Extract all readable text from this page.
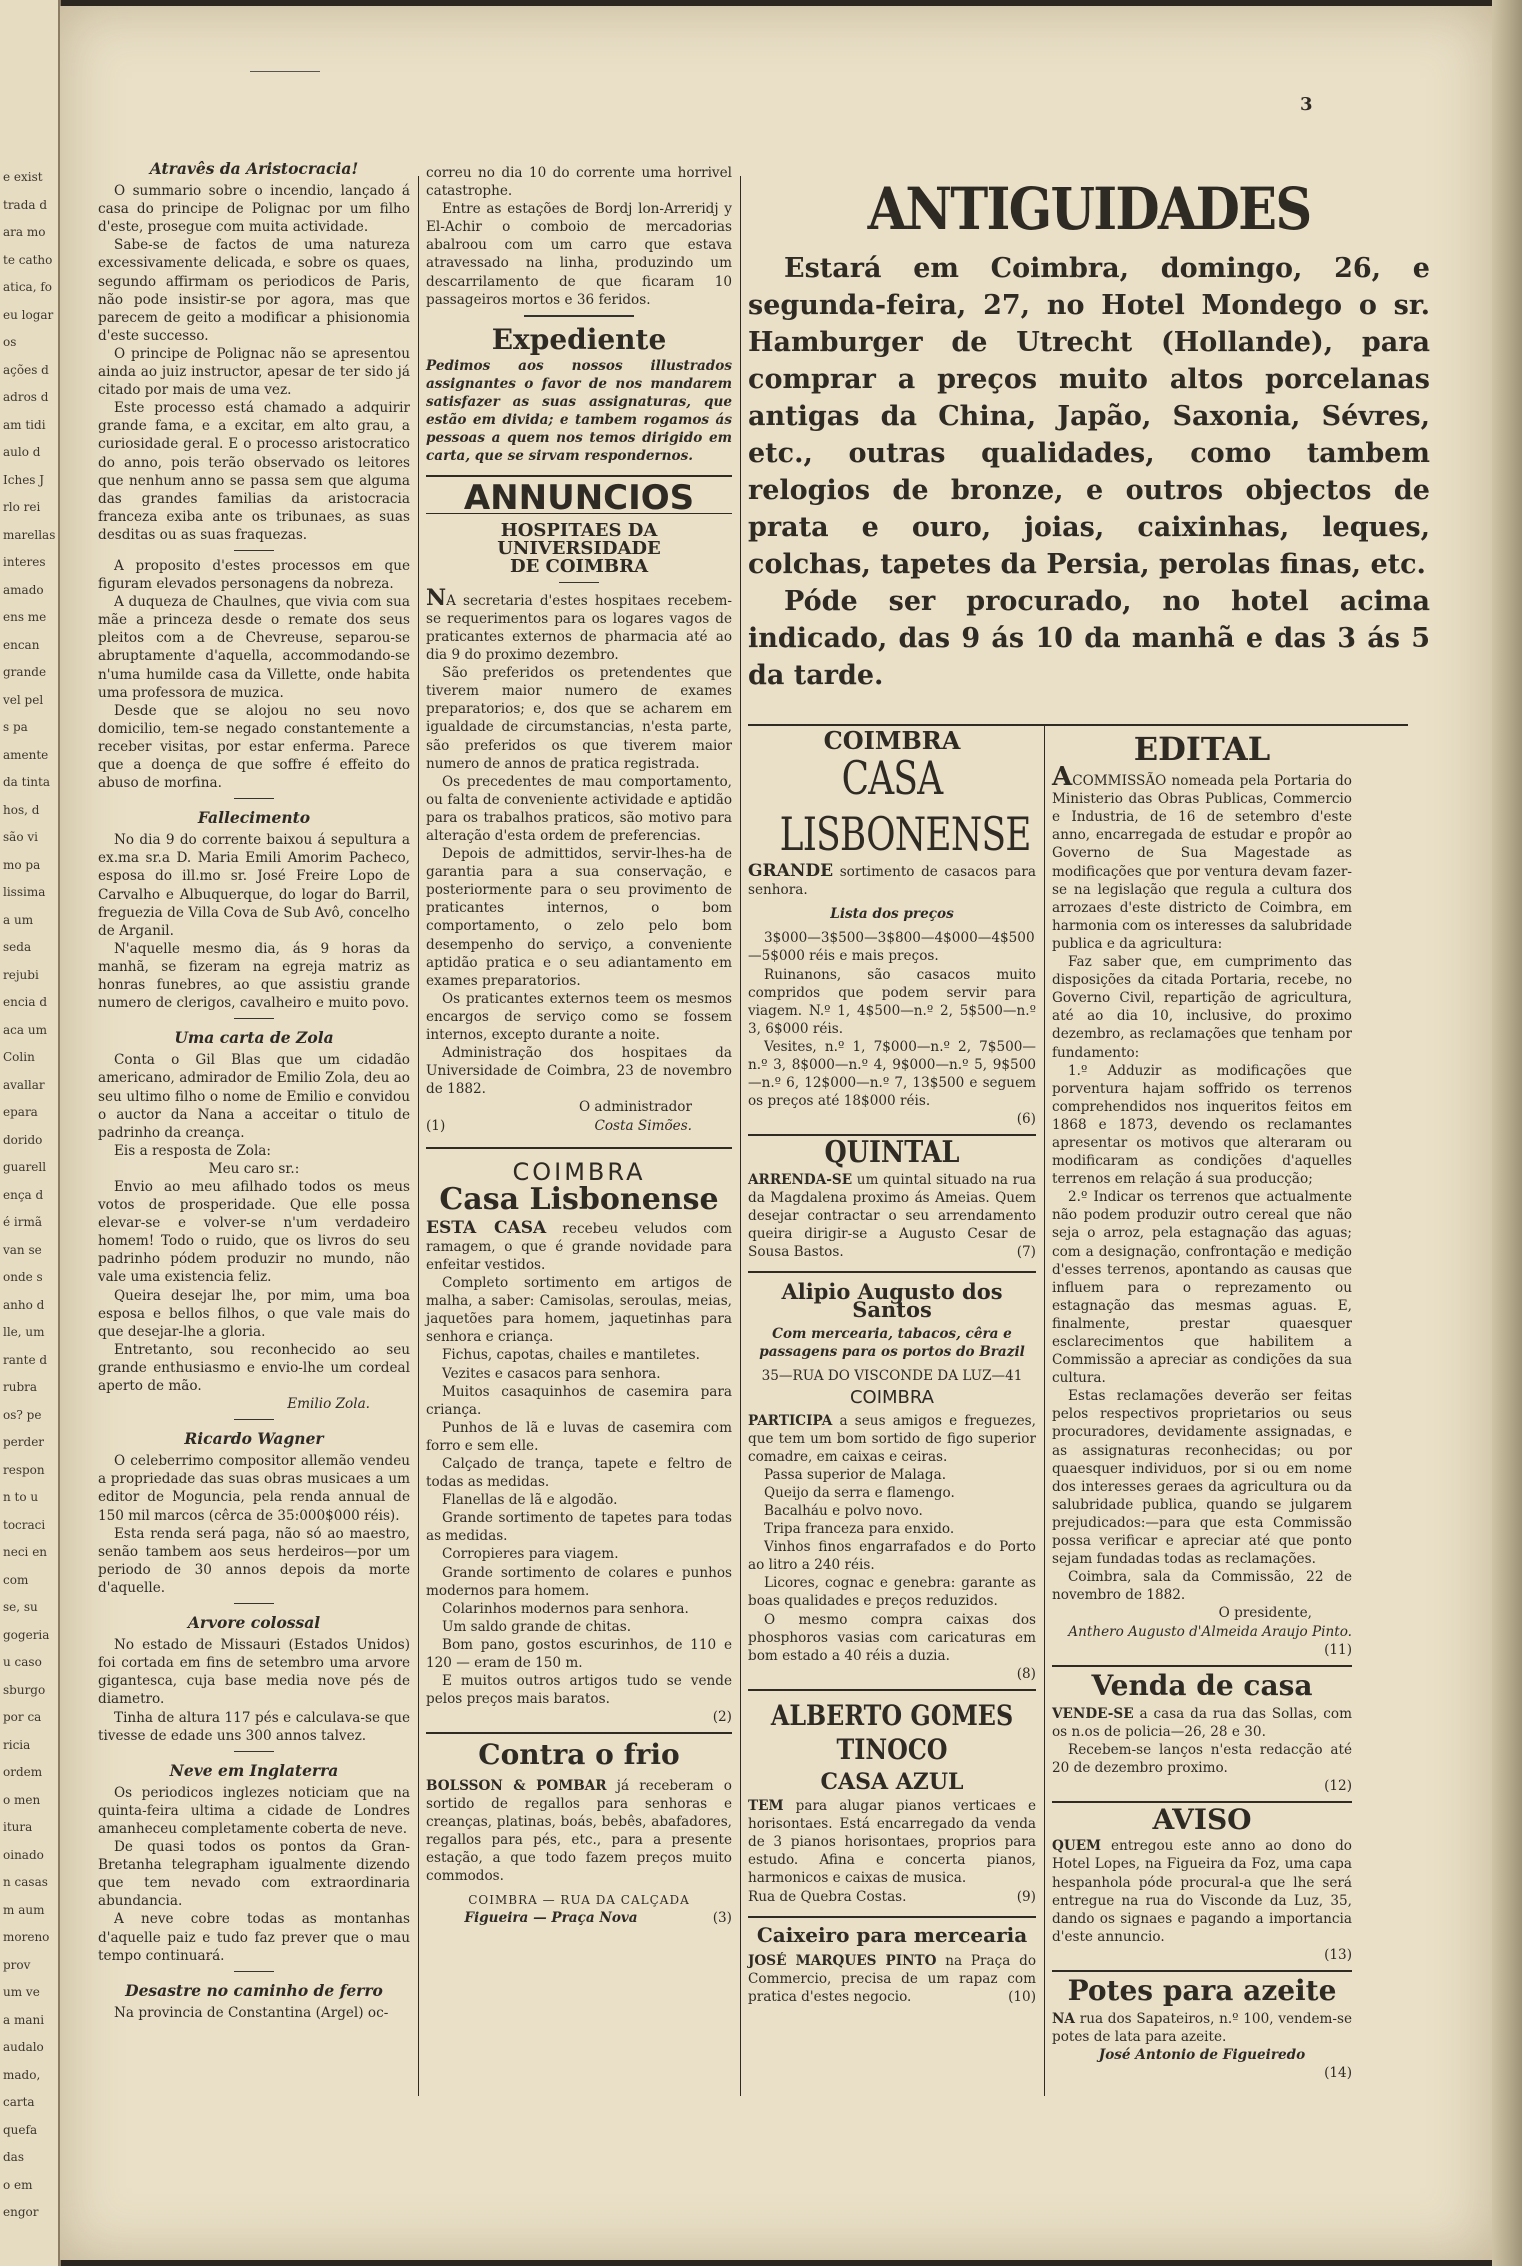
e exist
trada d
ara mo
te catho
atica, fo
eu logar
os
ações d
adros d
am tidi
aulo d
Iches J
rlo rei
marellas
interes
amado
ens me
encan
grande
vel pel
s pa
amente
da tinta
hos, d
são vi
mo pa
lissima
a um
seda
rejubi
encia d
aca um
Colin
avallar
epara
dorido
guarell
ença d
é irmã
van se
onde s
anho d
lle, um
rante d
rubra
os? pe
perder
respon
n to u
tocraci
neci en
com
se, su
gogeria
u caso
sburgo
por ca
ricia
ordem
o men
itura
oinado
n casas
m aum
moreno
prov
um ve
a mani
audalo
mado,
carta
quefa
das
o em
engor
3
Atravês da Aristocracia!

O summario sobre o incendio, lançado á casa do principe de Polignac por um filho d'este, prosegue com muita actividade.

Sabe-se de factos de uma natureza excessivamente delicada, e sobre os quaes, segundo affirmam os periodicos de Paris, não pode insistir-se por agora, mas que parecem de geito a modificar a phisionomia d'este successo.

O principe de Polignac não se apresentou ainda ao juiz instructor, apesar de ter sido já citado por mais de uma vez.

Este processo está chamado a adquirir grande fama, e a excitar, em alto grau, a curiosidade geral. E o processo aristocratico do anno, pois terão observado os leitores que nenhum anno se passa sem que alguma das grandes familias da aristocracia franceza exiba ante os tribunaes, as suas desditas ou as suas fraquezas.

A proposito d'estes processos em que figuram elevados personagens da nobreza.

A duqueza de Chaulnes, que vivia com sua mãe a princeza desde o remate dos seus pleitos com a de Chevreuse, separou-se abruptamente d'aquella, accommodando-se n'uma humilde casa da Villette, onde habita uma professora de muzica.

Desde que se alojou no seu novo domicilio, tem-se negado constantemente a receber visitas, por estar enferma. Parece que a doença de que soffre é effeito do abuso de morfina.

Fallecimento

No dia 9 do corrente baixou á sepultura a ex.ma sr.a D. Maria Emili Amorim Pacheco, esposa do ill.mo sr. José Freire Lopo de Carvalho e Albuquerque, do logar do Barril, freguezia de Villa Cova de Sub Avô, concelho de Arganil.

N'aquelle mesmo dia, ás 9 horas da manhã, se fizeram na egreja matriz as honras funebres, ao que assistiu grande numero de clerigos, cavalheiro e muito povo.

Uma carta de Zola

Conta o Gil Blas que um cidadão americano, admirador de Emilio Zola, deu ao seu ultimo filho o nome de Emilio e convidou o auctor da Nana a acceitar o titulo de padrinho da creança.

Eis a resposta de Zola:

Meu caro sr.:

Envio ao meu afilhado todos os meus votos de prosperidade. Que elle possa elevar-se e volver-se n'um verdadeiro homem! Todo o ruido, que os livros do seu padrinho pódem produzir no mundo, não vale uma existencia feliz.

Queira desejar lhe, por mim, uma boa esposa e bellos filhos, o que vale mais do que desejar-lhe a gloria.

Entretanto, sou reconhecido ao seu grande enthusiasmo e envio-lhe um cordeal aperto de mão.

Emilio Zola.
Ricardo Wagner

O celeberrimo compositor allemão vendeu a propriedade das suas obras musicaes a um editor de Moguncia, pela renda annual de 150 mil marcos (cêrca de 35:000$000 réis).

Esta renda será paga, não só ao maestro, senão tambem aos seus herdeiros—por um periodo de 30 annos depois da morte d'aquelle.

Arvore colossal

No estado de Missauri (Estados Unidos) foi cortada em fins de setembro uma arvore gigantesca, cuja base media nove pés de diametro.

Tinha de altura 117 pés e calculava-se que tivesse de edade uns 300 annos talvez.

Neve em Inglaterra

Os periodicos inglezes noticiam que na quinta-feira ultima a cidade de Londres amanheceu completamente coberta de neve.

De quasi todos os pontos da Gran-Bretanha telegrapham igualmente dizendo que tem nevado com extraordinaria abundancia.

A neve cobre todas as montanhas d'aquelle paiz e tudo faz prever que o mau tempo continuará.

Desastre no caminho de ferro

Na provincia de Constantina (Argel) oc-

correu no dia 10 do corrente uma horrivel catastrophe.

Entre as estações de Bordj lon-Arreridj y El-Achir o comboio de mercadorias abalroou com um carro que estava atravessado na linha, produzindo um descarrilamento de que ficaram 10 passageiros mortos e 36 feridos.

Expediente

Pedimos aos nossos illustrados assignantes o favor de nos mandarem satisfazer as suas assignaturas, que estão em divida; e tambem rogamos ás pessoas a quem nos temos dirigido em carta, que se sirvam respondernos.

ANNUNCIOS
HOSPITAES DA UNIVERSIDADE
DE COIMBRA

NA secretaria d'estes hospitaes recebem-se requerimentos para os logares vagos de praticantes externos de pharmacia até ao dia 9 do proximo dezembro.

São preferidos os pretendentes que tiverem maior numero de exames preparatorios; e, dos que se acharem em igualdade de circumstancias, n'esta parte, são preferidos os que tiverem maior numero de annos de pratica registrada.

Os precedentes de mau comportamento, ou falta de conveniente actividade e aptidão para os trabalhos praticos, são motivo para alteração d'esta ordem de preferencias.

Depois de admittidos, servir-lhes-ha de garantia para a sua conservação, e posteriormente para o seu provimento de praticantes internos, o bom comportamento, o zelo pelo bom desempenho do serviço, a conveniente aptidão pratica e o seu adiantamento em exames preparatorios.

Os praticantes externos teem os mesmos encargos de serviço como se fossem internos, excepto durante a noite.

Administração dos hospitaes da Universidade de Coimbra, 23 de novembro de 1882.

O administrador

(1)	Costa Simões.

COIMBRA
Casa Lisbonense

ESTA CASA recebeu veludos com ramagem, o que é grande novidade para enfeitar vestidos.

Completo sortimento em artigos de malha, a saber: Camisolas, seroulas, meias, jaquetões para homem, jaquetinhas para senhora e criança.

Fichus, capotas, chailes e mantiletes.

Vezites e casacos para senhora.

Muitos casaquinhos de casemira para criança.

Punhos de lã e luvas de casemira com forro e sem elle.

Calçado de trança, tapete e feltro de todas as medidas.

Flanellas de lã e algodão.

Grande sortimento de tapetes para todas as medidas.

Corropieres para viagem.

Grande sortimento de colares e punhos modernos para homem.

Colarinhos modernos para senhora.

Um saldo grande de chitas.

Bom pano, gostos escurinhos, de 110 e 120 — eram de 150 m.

E muitos outros artigos tudo se vende pelos preços mais baratos.

(2)

Contra o frio

BOLSSON & POMBAR já receberam o sortido de regallos para senhoras e creanças, platinas, boás, bebês, abafadores, regallos para pés, etc., para a presente estação, a que todo fazem preços muito commodos.

COIMBRA — RUA DA CALÇADA

Figueira — Praça Nova	(3)

ANTIGUIDADES

Estará em Coimbra, domingo, 26, e segunda-feira, 27, no Hotel Mondego o sr. Hamburger de Utrecht (Hollande), para comprar a preços muito altos porcelanas antigas da China, Japão, Saxonia, Sévres, etc., outras qualidades, como tambem relogios de bronze, e outros objectos de prata e ouro, joias, caixinhas, leques, colchas, tapetes da Persia, perolas finas, etc.

Póde ser procurado, no hotel acima indicado, das 9 ás 10 da manhã e das 3 ás 5 da tarde.

COIMBRA
CASA LISBONENSE

GRANDE sortimento de casacos para senhora.

Lista dos preços

3$000—3$500—3$800—4$000—4$500—5$000 réis e mais preços.

Ruinanons, são casacos muito compridos que podem servir para viagem. N.º 1, 4$500—n.º 2, 5$500—n.º 3, 6$000 réis.

Vesites, n.º 1, 7$000—n.º 2, 7$500—n.º 3, 8$000—n.º 4, 9$000—n.º 5, 9$500—n.º 6, 12$000—n.º 7, 13$500 e seguem os preços até 18$000 réis.

(6)

QUINTAL

ARRENDA-SE um quintal situado na rua da Magdalena proximo ás Ameias. Quem desejar contractar o seu arrendamento queira dirigir-se a Augusto Cesar de Sousa Bastos.	(7)

Alipio Augusto dos Santos

Com mercearia, tabacos, cêra e passagens para os portos do Brazil

35—RUA DO VISCONDE DA LUZ—41

COIMBRA

PARTICIPA a seus amigos e freguezes, que tem um bom sortido de figo superior comadre, em caixas e ceiras.

Passa superior de Malaga.

Queijo da serra e flamengo.

Bacalháu e polvo novo.

Tripa franceza para enxido.

Vinhos finos engarrafados e do Porto ao litro a 240 réis.

Licores, cognac e genebra: garante as boas qualidades e preços reduzidos.

O mesmo compra caixas dos phosphoros vasias com caricaturas em bom estado a 40 réis a duzia.

(8)

ALBERTO GOMES
TINOCO
CASA AZUL

TEM para alugar pianos verticaes e horisontaes. Está encarregado da venda de 3 pianos horisontaes, proprios para estudo. Afina e concerta pianos, harmonicos e caixas de musica.

Rua de Quebra Costas.	(9)

Caixeiro para mercearia

JOSÉ MARQUES PINTO na Praça do Commercio, precisa de um rapaz com pratica d'estes negocio.	(10)

EDITAL

ACOMMISSÃO nomeada pela Portaria do Ministerio das Obras Publicas, Commercio e Industria, de 16 de setembro d'este anno, encarregada de estudar e propôr ao Governo de Sua Magestade as modificações que por ventura devam fazer-se na legislação que regula a cultura dos arrozaes d'este districto de Coimbra, em harmonia com os interesses da salubridade publica e da agricultura:

Faz saber que, em cumprimento das disposições da citada Portaria, recebe, no Governo Civil, repartição de agricultura, até ao dia 10, inclusive, do proximo dezembro, as reclamações que tenham por fundamento:

1.º Adduzir as modificações que porventura hajam soffrido os terrenos comprehendidos nos inqueritos feitos em 1868 e 1873, devendo os reclamantes apresentar os motivos que alteraram ou modificaram as condições d'aquelles terrenos em relação á sua producção;

2.º Indicar os terrenos que actualmente não podem produzir outro cereal que não seja o arroz, pela estagnação das aguas; com a designação, confrontação e medição d'esses terrenos, apontando as causas que influem para o reprezamento ou estagnação das mesmas aguas. E, finalmente, prestar quaesquer esclarecimentos que habilitem a Commissão a apreciar as condições da sua cultura.

Estas reclamações deverão ser feitas pelos respectivos proprietarios ou seus procuradores, devidamente assignadas, e as assignaturas reconhecidas; ou por quaesquer individuos, por si ou em nome dos interesses geraes da agricultura ou da salubridade publica, quando se julgarem prejudicados:—para que esta Commissão possa verificar e apreciar até que ponto sejam fundadas todas as reclamações.

Coimbra, sala da Commissão, 22 de novembro de 1882.

O presidente,

Anthero Augusto d'Almeida Araujo Pinto.

(11)

Venda de casa

VENDE-SE a casa da rua das Sollas, com os n.os de policia—26, 28 e 30.

Recebem-se lanços n'esta redacção até 20 de dezembro proximo.

(12)

AVISO

QUEM entregou este anno ao dono do Hotel Lopes, na Figueira da Foz, uma capa hespanhola póde procural-a que lhe será entregue na rua do Visconde da Luz, 35, dando os signaes e pagando a importancia d'este annuncio.

(13)

Potes para azeite

NA rua dos Sapateiros, n.º 100, vendem-se potes de lata para azeite.

José Antonio de Figueiredo

(14)
